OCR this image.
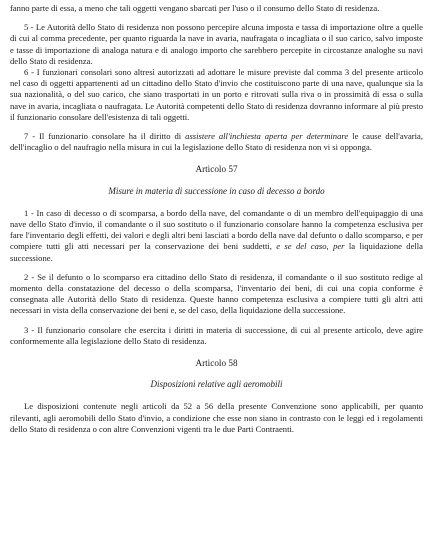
fanno parte di essa, a meno che tali oggetti vengano sbarcati per l'uso o il consumo dello Stato di residenza.

5 - Le Autorità dello Stato di residenza non possono percepire alcuna imposta e tassa di importazione oltre a quelle di cui al comma precedente, per quanto riguarda la nave in avaria, naufragata o incagliata o il suo carico, salvo imposte e tasse di importazione di analoga natura e di analogo importo che sarebbero percepite in circostanze analoghe su navi dello Stato di residenza.

6 - I funzionari consolari sono altresì autorizzati ad adottare le misure previste dal comma 3 del presente articolo nel caso di oggetti appartenenti ad un cittadino dello Stato d'invio che costituiscono parte di una nave, qualunque sia la sua nazionalità, o del suo carico, che siano trasportati in un porto e ritrovati sulla riva o in prossimità di essa o sulla nave in avaria, incagliata o naufragata. Le Autorità competenti dello Stato di residenza dovranno informare al più presto il funzionario consolare dell'esistenza di tali oggetti.

7 - Il funzionario consolare ha il diritto di assistere all'inchiesta aperta per determinare le cause dell'avaria, dell'incaglio o del naufragio nella misura in cui la legislazione dello Stato di residenza non vi si opponga.

Articolo 57

Misure in materia di successione in caso di decesso a bordo

1 - In caso di decesso o di scomparsa, a bordo della nave, del comandante o di un membro dell'equipaggio di una nave dello Stato d'invio, il comandante o il suo sostituto o il funzionario consolare hanno la competenza esclusiva per fare l'inventario degli effetti, dei valori e degli altri beni lasciati a bordo della nave dal defunto o dallo scomparso, e per compiere tutti gli atti necessari per la conservazione dei beni suddetti, e se del caso, per la liquidazione della successione.

2 - Se il defunto o lo scomparso era cittadino dello Stato di residenza, il comandante o il suo sostituto redige al momento della constatazione del decesso o della scomparsa, l'inventario dei beni, di cui una copia conforme è consegnata alle Autorità dello Stato di residenza. Queste hanno competenza esclusiva a compiere tutti gli altri atti necessari in vista della conservazione dei beni e, se del caso, della liquidazione della successione.

3 - Il funzionario consolare che esercita i diritti in materia di successione, di cui al presente articolo, deve agire conformemente alla legislazione dello Stato di residenza.

Articolo 58

Disposizioni relative agli aeromobili

Le disposizioni contenute negli articoli da 52 a 56 della presente Convenzione sono applicabili, per quanto rilevanti, agli aeromobili dello Stato d'invio, a condizione che esse non siano in contrasto con le leggi ed i regolamenti dello Stato di residenza o con altre Convenzioni vigenti tra le due Parti Contraenti.
